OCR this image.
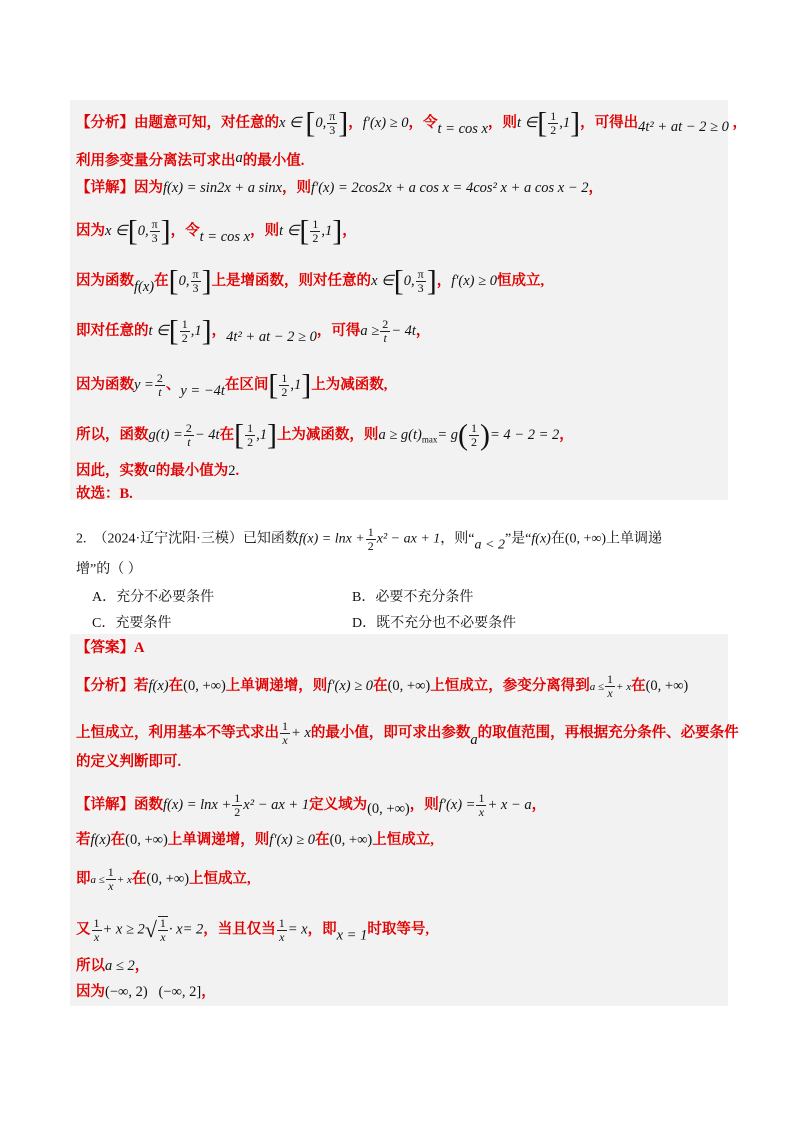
【分析】由题意可知，对任意的x ∈ [0, $\frac{\pi}{3}$ ]，f′(x) ≥ 0，令t = cos x，则t ∈[ $\frac{1}{2} ,1$]，可得出4t² + at − 2 ≥ 0 ，
利用参变量分离法可求出a的最小值.
【详解】因为f(x) = sin2x + a sinx，则f′(x) = 2cos2x + a cos x = 4cos² x + a cos x − 2，
因为x ∈[0, $\frac{\pi}{3}$ ]，令t = cos x，则t ∈[ $\frac{1}{2} ,1$]，
因为函数f(x)在[0, $\frac{\pi}{3}$ ]上是增函数，则对任意的x ∈[0, $\frac{\pi}{3}$ ]，f′(x) ≥ 0恒成立,
即对任意的t ∈[ $\frac{1}{2} ,1$]，4t² + at − 2 ≥ 0，可得$a \ge \frac{2}{t} - 4t$，
因为函数$y = \frac{2}{t}$ 、y = −4t在区间[ $\frac{1}{2} ,1$]上为减函数,
所以，函数$g(t) = \frac{2}{t} - 4t$在[ $\frac{1}{2} ,1$]上为减函数，则$a \ge g(t)_{max}= g( \frac{1}{2}$ )= 4 − 2 = 2，
因此，实数a的最小值为2.
故选：B.
2. （2024·辽宁沈阳·三模）已知函数$f(x) = \ln x + \frac{1}{2} x^2$ − ax + 1，则“a < 2”是“f(x)在(0, +∞)上单调递
增”的（ ）
A．充分不必要条件	B．必要不充分条件
C．充要条件	D．既不充分也不必要条件
【答案】A
【分析】若f(x)在(0, +∞)上单调递增，则f′(x) ≥ 0在(0, +∞)上恒成立，参变分离得到$a \le \frac{1}{x} + x$在(0, +∞)
上恒成立，利用基本不等式求出 $\frac{1}{x} + x$的最小值，即可求出参数a的取值范围，再根据充分条件、必要条件
的定义判断即可.
【详解】函数$f(x) = \ln x + \frac{1}{2} x^2$ − ax + 1定义域为(0, +∞)，则$f'(x) = \frac{1}{x} + x - a$，
若f(x)在(0, +∞)上单调递增，则f′(x) ≥ 0在(0, +∞)上恒成立,
即$a \le \frac{1}{x} + x$在(0, +∞)上恒成立,
又 $\frac{1}{x} + x \ge 2√ \frac{1}{x} \cdot x= 2$，当且仅当 $\frac{1}{x} = x$，即x = 1时取等号,
所以a ≤ 2，
因为(−∞, 2) (−∞, 2]，
